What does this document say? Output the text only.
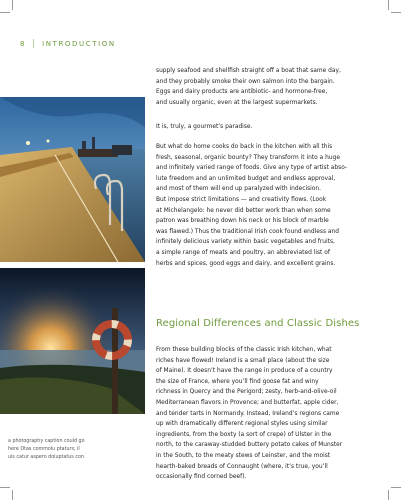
8 INTRODUCTION
a photography caption could go
here Otas commolu ptaturs; il
uis catur aspero doluptatus con
supply seafood and shellfish straight off a boat that same day,
and they probably smoke their own salmon into the bargain.
Eggs and dairy products are antibiotic- and hormone-free,
and usually organic, even at the largest supermarkets.
It is, truly, a gourmet’s paradise.
But what do home cooks do back in the kitchen with all this
fresh, seasonal, organic bounty? They transform it into a huge
and infinitely varied range of foods. Give any type of artist abso-
lute freedom and an unlimited budget and endless approval,
and most of them will end up paralyzed with indecision.
But impose strict limitations — and creativity flows. (Look
at Michelangelo: he never did better work than when some
patron was breathing down his neck or his block of marble
was flawed.) Thus the traditional Irish cook found endless and
infinitely delicious variety within basic vegetables and fruits,
a simple range of meats and poultry, an abbreviated list of
herbs and spices, good eggs and dairy, and excellent grains.
Regional Differences and Classic Dishes
From these building blocks of the classic Irish kitchen, what
riches have flowed! Ireland is a small place (about the size
of Maine). It doesn’t have the range in produce of a country
the size of France, where you’ll find goose fat and winy
richness in Quercy and the Perigord; zesty, herb-and-olive-oil
Mediterranean flavors in Provence; and butterfat, apple cider,
and tender tarts in Normandy. Instead, Ireland’s regions came
up with dramatically different regional styles using similar
ingredients, from the boxty (a sort of crepe) of Ulster in the
north, to the caraway-studded buttery potato cakes of Munster
in the South, to the meaty stews of Leinster, and the moist
hearth-baked breads of Connaught (where, it’s true, you’ll
occasionally find corned beef).
